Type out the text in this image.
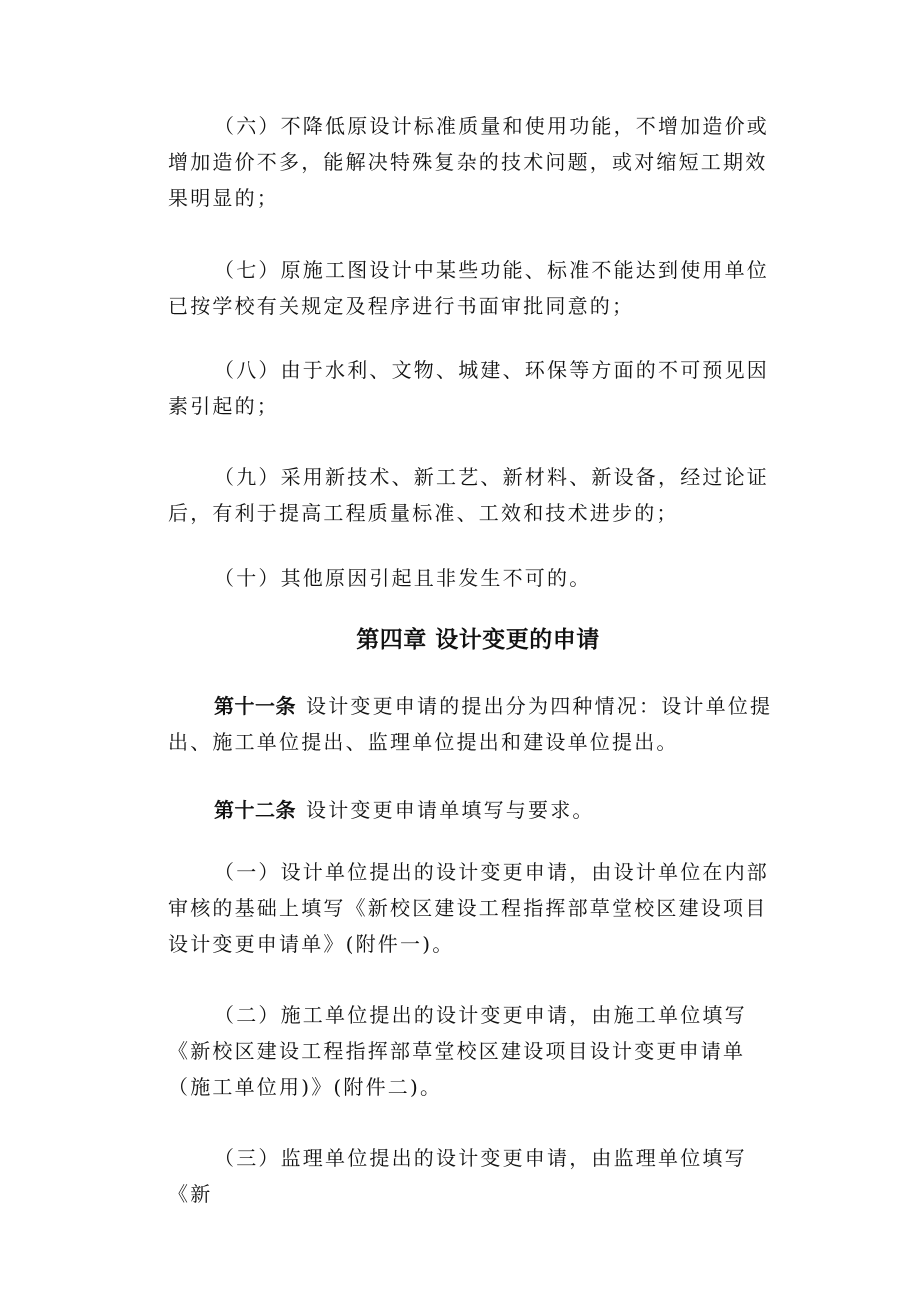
（六）不降低原设计标准质量和使用功能，不增加造价或增加造价不多，能解决特殊复杂的技术问题，或对缩短工期效果明显的；

（七）原施工图设计中某些功能、标准不能达到使用单位已按学校有关规定及程序进行书面审批同意的；

（八）由于水利、文物、城建、环保等方面的不可预见因素引起的；

（九）采用新技术、新工艺、新材料、新设备，经过论证后，有利于提高工程质量标准、工效和技术进步的；

（十）其他原因引起且非发生不可的。

第四章 设计变更的申请

第十一条 设计变更申请的提出分为四种情况：设计单位提出、施工单位提出、监理单位提出和建设单位提出。

第十二条 设计变更申请单填写与要求。

（一）设计单位提出的设计变更申请，由设计单位在内部审核的基础上填写《新校区建设工程指挥部草堂校区建设项目设计变更申请单》(附件一)。

（二）施工单位提出的设计变更申请，由施工单位填写《新校区建设工程指挥部草堂校区建设项目设计变更申请单（施工单位用)》(附件二)。

（三）监理单位提出的设计变更申请，由监理单位填写《新
